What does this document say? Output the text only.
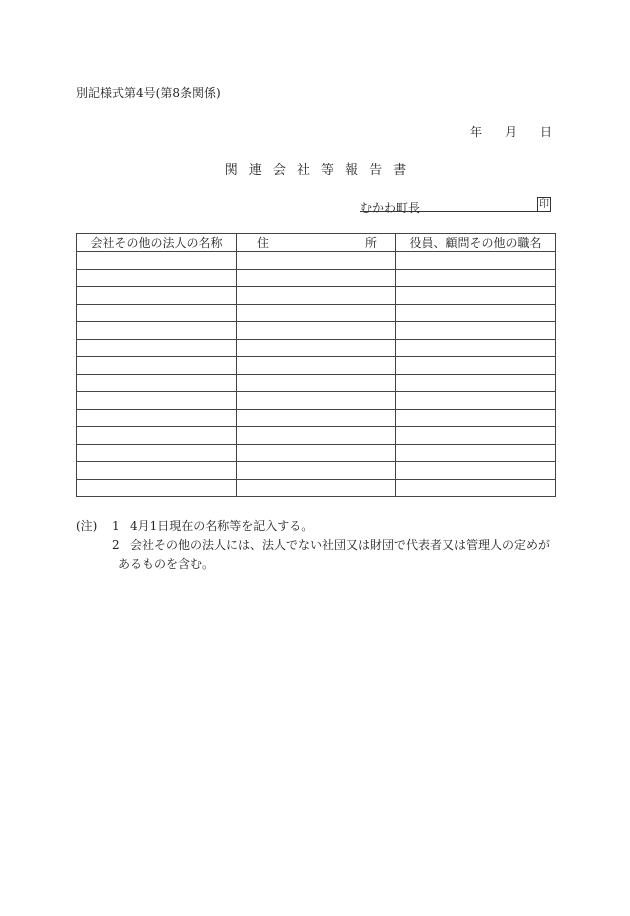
別記様式第4号(第8条関係)
年 月 日
関連会社等報告書
むかわ町長	印
会社その他の法人の名称	住 所	役員、顧問その他の職名

(注)	1 4月1日現在の名称等を記入する。
2 会社その他の法人には、法人でない社団又は財団で代表者又は管理人の定めが
あるものを含む。
